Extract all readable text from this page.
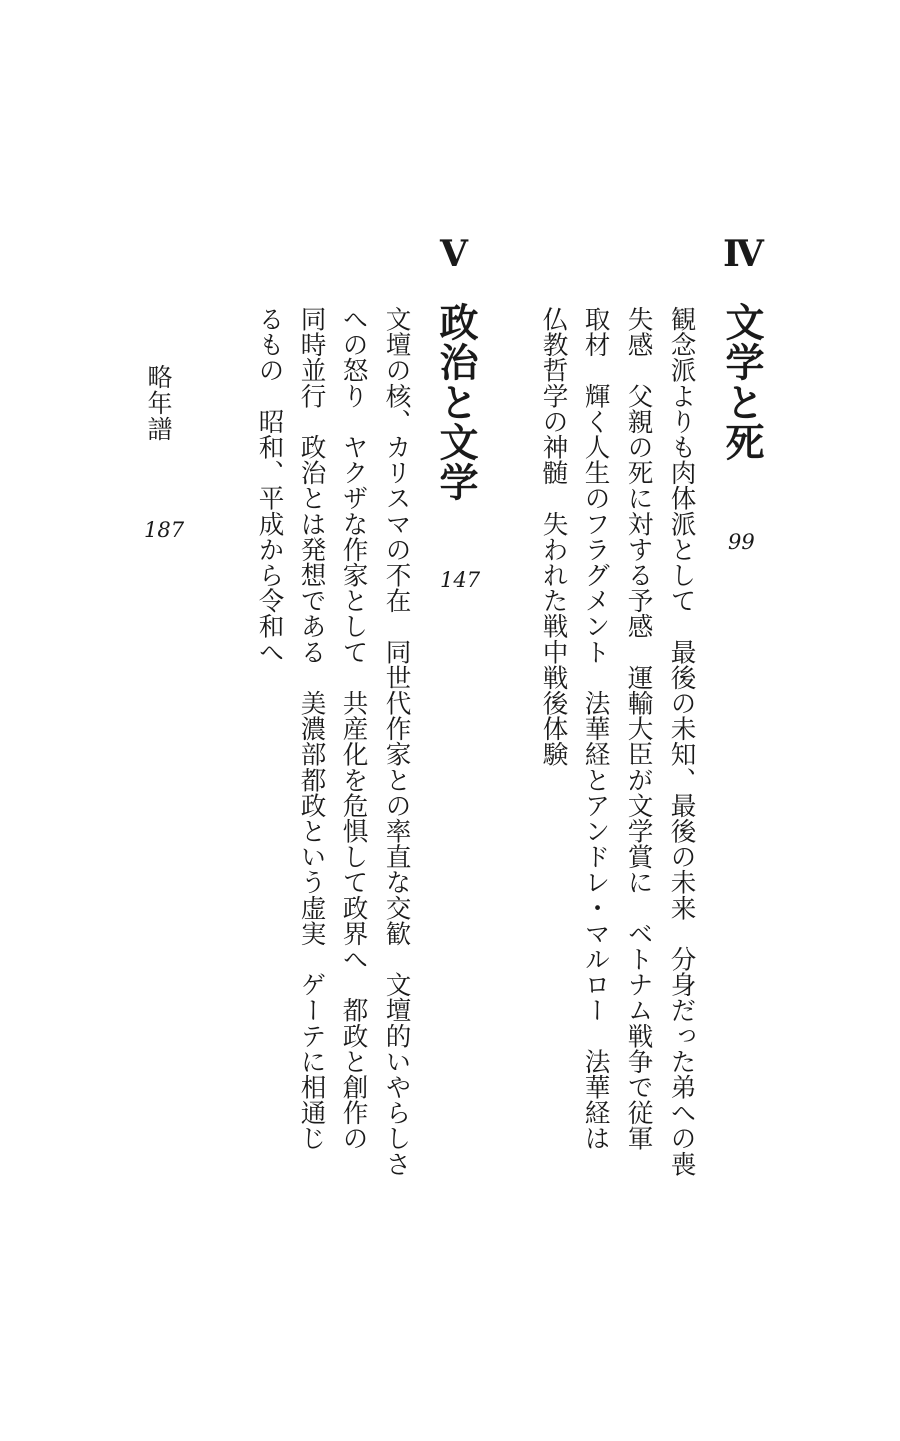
Ⅳ
文学と死
99
観念派よりも肉体派として　最後の未知、最後の未来　分身だった弟への喪
失感　父親の死に対する予感　運輸大臣が文学賞に　ベトナム戦争で従軍
取材　輝く人生のフラグメント　法華経とアンドレ・マルロー　法華経は
仏教哲学の神髄　失われた戦中戦後体験
Ⅴ
政治と文学
147
文壇の核、カリスマの不在　同世代作家との率直な交歓　文壇的いやらしさ
への怒り　ヤクザな作家として　共産化を危惧して政界へ　都政と創作の
同時並行　政治とは発想である　美濃部都政という虚実　ゲーテに相通じ
るもの　昭和、平成から令和へ
略年譜
187
